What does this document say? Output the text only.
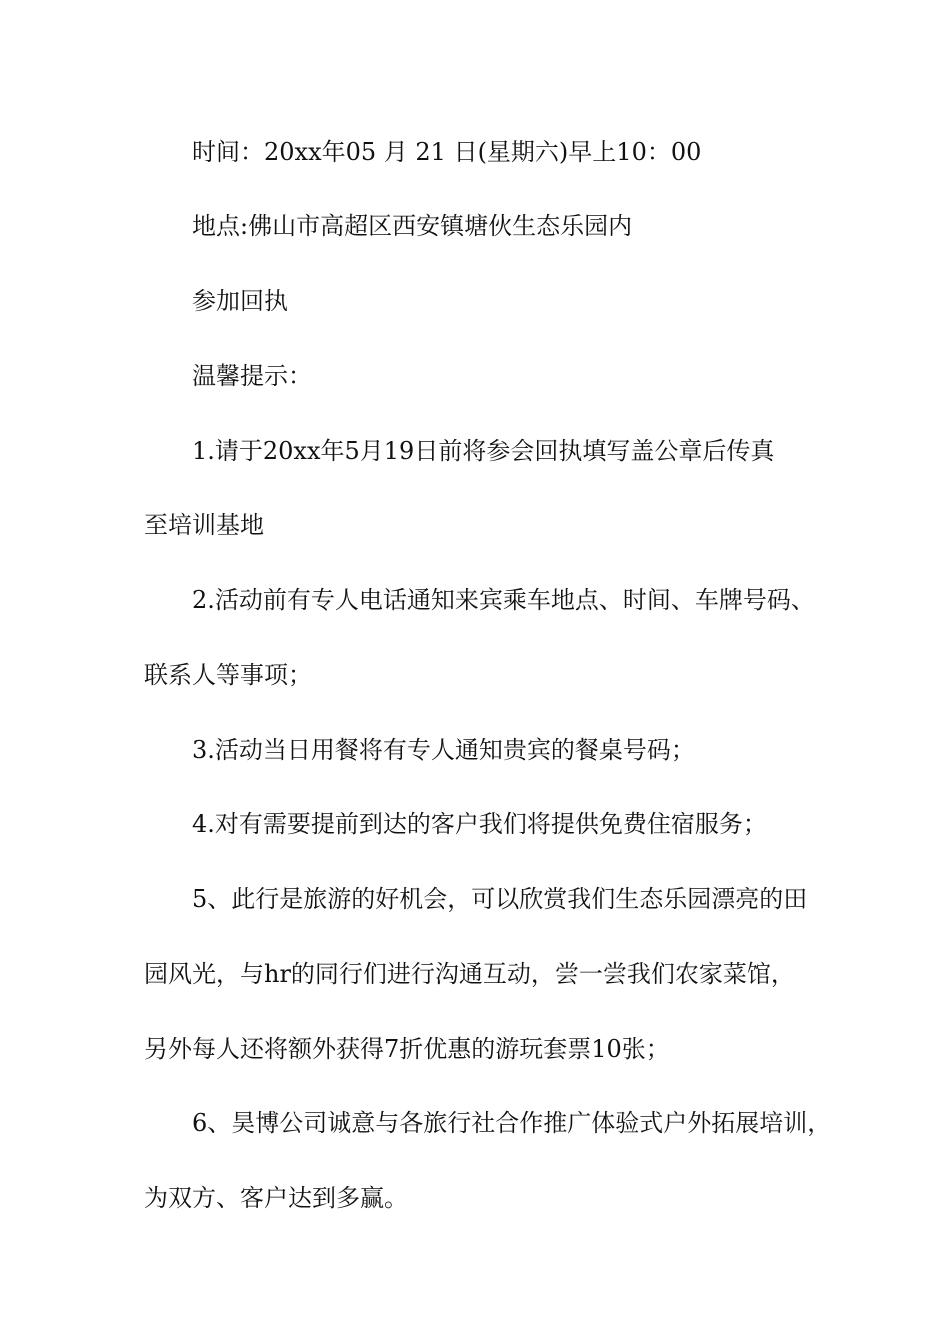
时间：20xx年05 月 21 日(星期六)早上10：00
地点:佛山市高超区西安镇塘伙生态乐园内
参加回执
温馨提示：
1.请于20xx年5月19日前将参会回执填写盖公章后传真
至培训基地
2.活动前有专人电话通知来宾乘车地点、时间、车牌号码、
联系人等事项；
3.活动当日用餐将有专人通知贵宾的餐桌号码；
4.对有需要提前到达的客户我们将提供免费住宿服务；
5、此行是旅游的好机会，可以欣赏我们生态乐园漂亮的田
园风光，与hr的同行们进行沟通互动，尝一尝我们农家菜馆，
另外每人还将额外获得7折优惠的游玩套票10张；
6、昊博公司诚意与各旅行社合作推广体验式户外拓展培训，
为双方、客户达到多赢。
